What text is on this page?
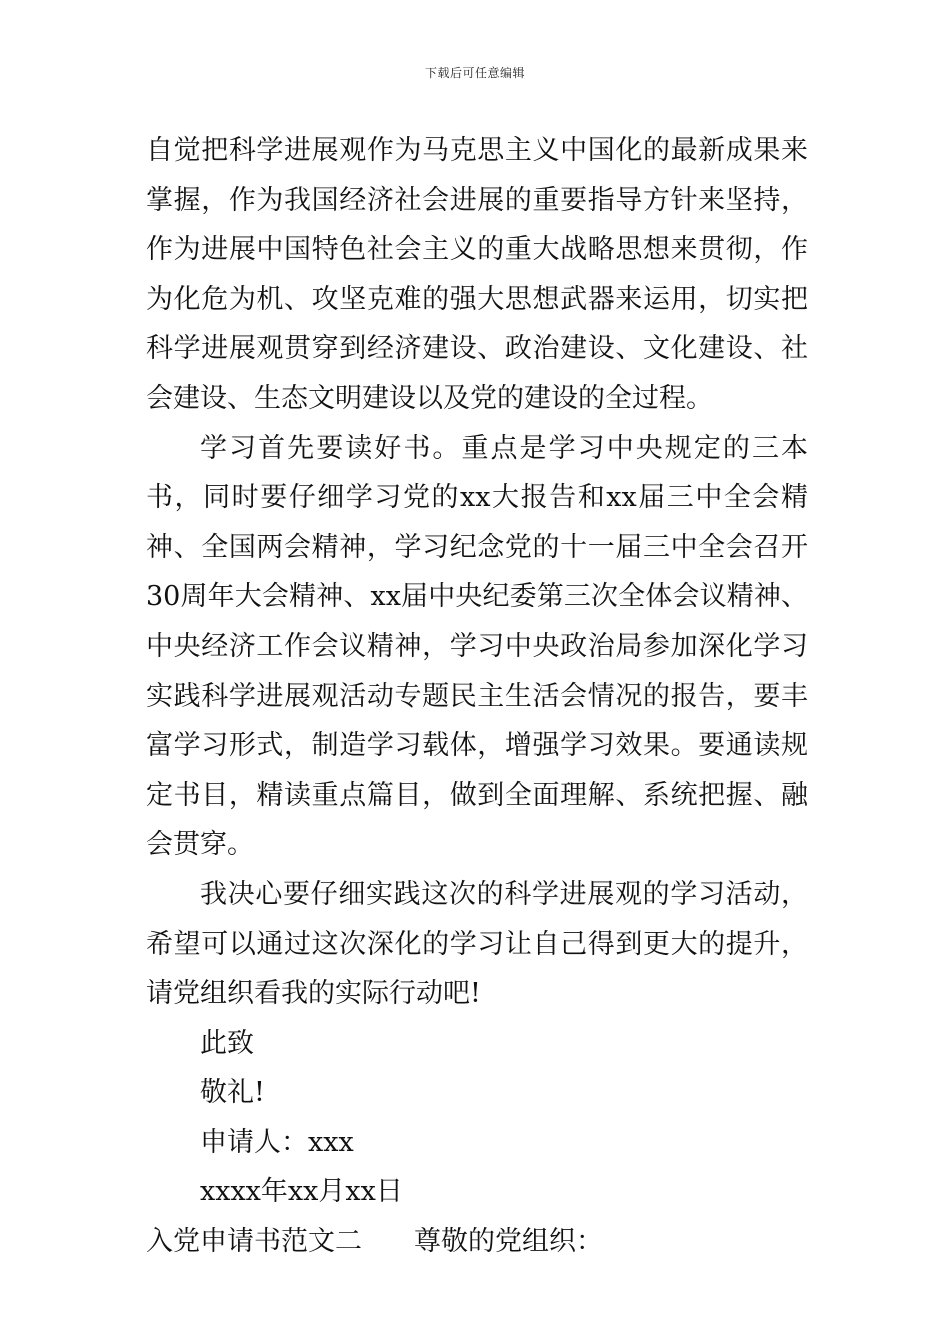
下载后可任意编辑

自觉把科学进展观作为马克思主义中国化的最新成果来掌握，作为我国经济社会进展的重要指导方针来坚持，作为进展中国特色社会主义的重大战略思想来贯彻，作为化危为机、攻坚克难的强大思想武器来运用，切实把科学进展观贯穿到经济建设、政治建设、文化建设、社会建设、生态文明建设以及党的建设的全过程。

学习首先要读好书。重点是学习中央规定的三本书，同时要仔细学习党的xx大报告和xx届三中全会精神、全国两会精神，学习纪念党的十一届三中全会召开30周年大会精神、xx届中央纪委第三次全体会议精神、中央经济工作会议精神，学习中央政治局参加深化学习实践科学进展观活动专题民主生活会情况的报告，要丰富学习形式，制造学习载体，增强学习效果。要通读规定书目，精读重点篇目，做到全面理解、系统把握、融会贯穿。

我决心要仔细实践这次的科学进展观的学习活动，希望可以通过这次深化的学习让自己得到更大的提升，请党组织看我的实际行动吧!

此致

敬礼!

申请人：xxx

xxxx年xx月xx日

入党申请书范文二 尊敬的党组织：
